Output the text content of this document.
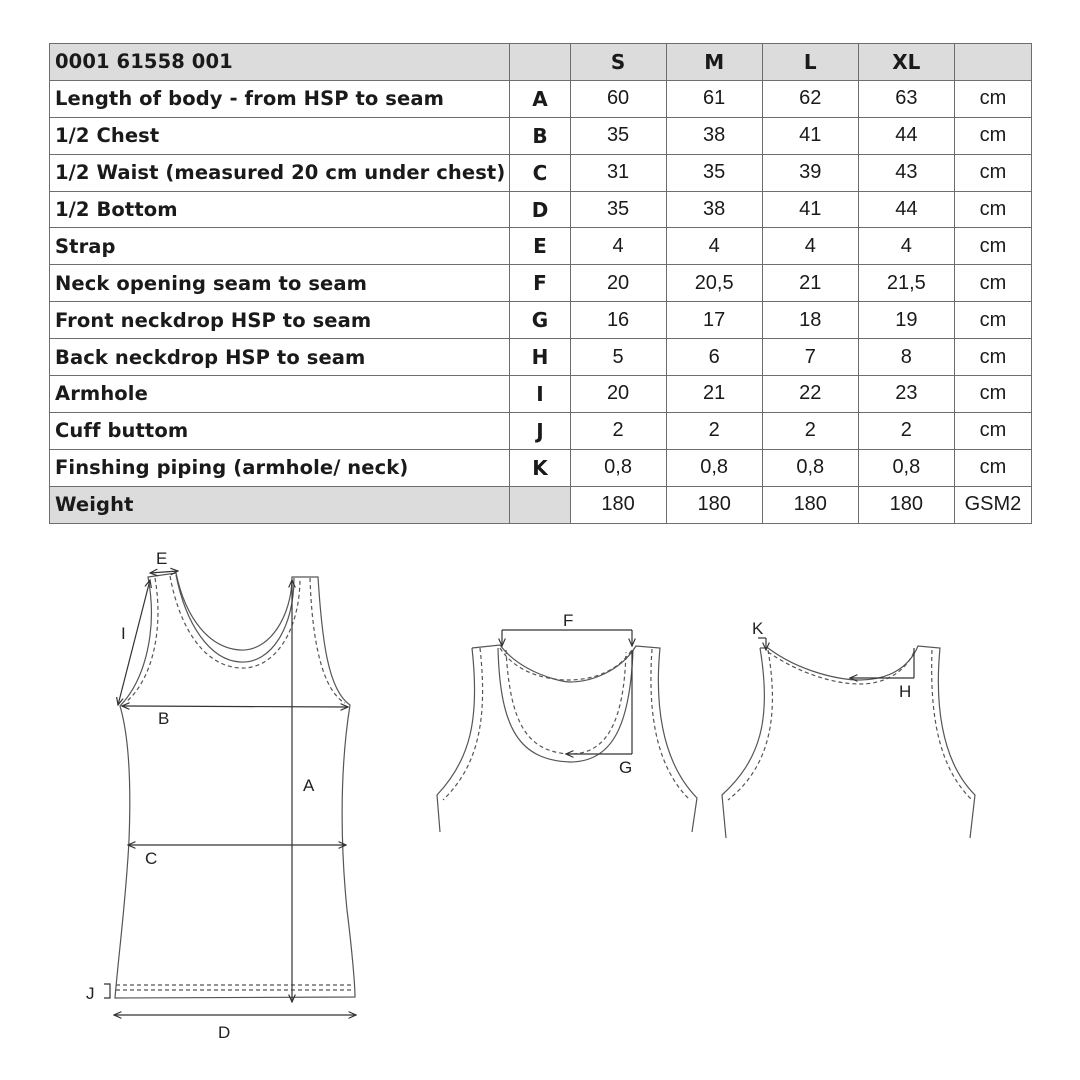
0001 61558 001		S	M	L	XL	
Length of body - from HSP to seam	A	60	61	62	63	cm
1/2 Chest	B	35	38	41	44	cm
1/2 Waist (measured 20 cm under chest)	C	31	35	39	43	cm
1/2 Bottom	D	35	38	41	44	cm
Strap	E	4	4	4	4	cm
Neck opening seam to seam	F	20	20,5	21	21,5	cm
Front neckdrop HSP to seam	G	16	17	18	19	cm
Back neckdrop HSP to seam	H	5	6	7	8	cm
Armhole	I	20	21	22	23	cm
Cuff buttom	J	2	2	2	2	cm
Finshing piping (armhole/ neck)	K	0,8	0,8	0,8	0,8	cm
Weight		180	180	180	180	GSM2
E
I
B
A
C
J
D
F
G
H
K
